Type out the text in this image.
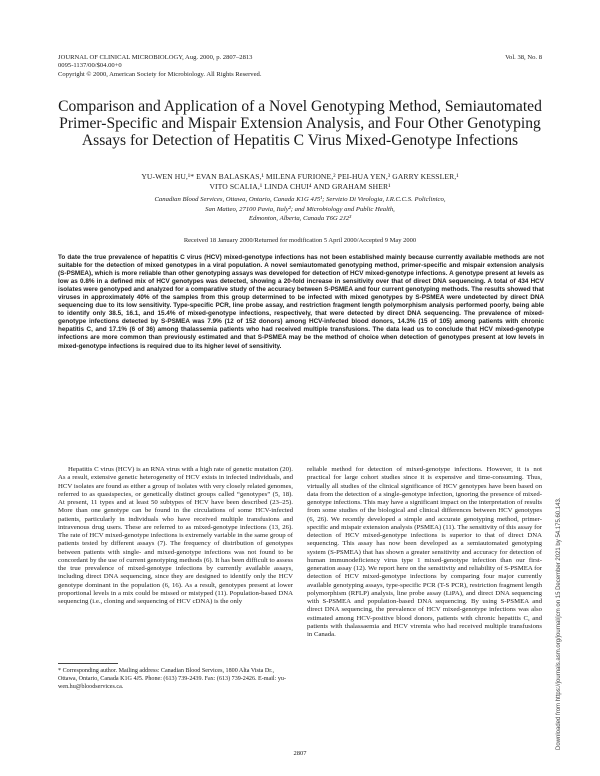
JOURNAL OF CLINICAL MICROBIOLOGY, Aug. 2000, p. 2807–2813
0095-1137/00/$04.00+0
Copyright © 2000, American Society for Microbiology. All Rights Reserved.
Vol. 38, No. 8
Comparison and Application of a Novel Genotyping Method, Semiautomated Primer-Specific and Mispair Extension Analysis, and Four Other Genotyping Assays for Detection of Hepatitis C Virus Mixed-Genotype Infections
YU-WEN HU,¹* EVAN BALASKAS,¹ MILENA FURIONE,² PEI-HUA YEN,³ GARRY KESSLER,¹
VITO SCALIA,¹ LINDA CHUI⁴ AND GRAHAM SHER¹
Canadian Blood Services, Ottawa, Ontario, Canada K1G 4J5¹; Servizio Di Virologia, I.R.C.C.S. Policlinico,
San Matteo, 27100 Pavia, Italy²; and Microbiology and Public Health,
Edmonton, Alberta, Canada T6G 2J2³
Received 18 January 2000/Returned for modification 5 April 2000/Accepted 9 May 2000
To date the true prevalence of hepatitis C virus (HCV) mixed-genotype infections has not been established mainly because currently available methods are not suitable for the detection of mixed genotypes in a viral population. A novel semiautomated genotyping method, primer-specific and mispair extension analysis (S-PSMEA), which is more reliable than other genotyping assays was developed for detection of HCV mixed-genotype infections. A genotype present at levels as low as 0.8% in a defined mix of HCV genotypes was detected, showing a 20-fold increase in sensitivity over that of direct DNA sequencing. A total of 434 HCV isolates were genotyped and analyzed for a comparative study of the accuracy between S-PSMEA and four current genotyping methods. The results showed that viruses in approximately 40% of the samples from this group determined to be infected with mixed genotypes by S-PSMEA were undetected by direct DNA sequencing due to its low sensitivity. Type-specific PCR, line probe assay, and restriction fragment length polymorphism analysis performed poorly, being able to identify only 38.5, 16.1, and 15.4% of mixed-genotype infections, respectively, that were detected by direct DNA sequencing. The prevalence of mixed-genotype infections detected by S-PSMEA was 7.9% (12 of 152 donors) among HCV-infected blood donors, 14.3% (15 of 105) among patients with chronic hepatitis C, and 17.1% (6 of 36) among thalassemia patients who had received multiple transfusions. The data lead us to conclude that HCV mixed-genotype infections are more common than previously estimated and that S-PSMEA may be the method of choice when detection of genotypes present at low levels in mixed-genotype infections is required due to its higher level of sensitivity.

Hepatitis C virus (HCV) is an RNA virus with a high rate of genetic mutation (20). As a result, extensive genetic heterogeneity of HCV exists in infected individuals, and HCV isolates are found as either a group of isolates with very closely related genomes, referred to as quasispecies, or genetically distinct groups called “genotypes” (5, 18). At present, 11 types and at least 50 subtypes of HCV have been described (23–25). More than one genotype can be found in the circulations of some HCV-infected patients, particularly in individuals who have received multiple transfusions and intravenous drug users. These are referred to as mixed-genotype infections (13, 26). The rate of HCV mixed-genotype infections is extremely variable in the same group of patients tested by different assays (7). The frequency of distribution of genotypes between patients with single- and mixed-genotype infections was not found to be concordant by the use of current genotyping methods (6). It has been difficult to assess the true prevalence of mixed-genotype infections by currently available assays, including direct DNA sequencing, since they are designed to identify only the HCV genotype dominant in the population (6, 16). As a result, genotypes present at lower proportional levels in a mix could be missed or mistyped (11). Population-based DNA sequencing (i.e., cloning and sequencing of HCV cDNA) is the only

reliable method for detection of mixed-genotype infections. However, it is not practical for large cohort studies since it is expensive and time-consuming. Thus, virtually all studies of the clinical significance of HCV genotypes have been based on data from the detection of a single-genotype infection, ignoring the presence of mixed-genotype infections. This may have a significant impact on the interpretation of results from some studies of the biological and clinical differences between HCV genotypes (6, 26). We recently developed a simple and accurate genotyping method, primer-specific and mispair extension analysis (PSMEA) (11). The sensitivity of this assay for detection of HCV mixed-genotype infections is superior to that of direct DNA sequencing. This assay has now been developed as a semiautomated genotyping system (S-PSMEA) that has shown a greater sensitivity and accuracy for detection of human immunodeficiency virus type 1 mixed-genotype infection than our first-generation assay (12). We report here on the sensitivity and reliability of S-PSMEA for detection of HCV mixed-genotype infections by comparing four major currently available genotyping assays, type-specific PCR (T-S PCR), restriction fragment length polymorphism (RFLP) analysis, line probe assay (LiPA), and direct DNA sequencing with S-PSMEA and population-based DNA sequencing. By using S-PSMEA and direct DNA sequencing, the prevalence of HCV mixed-genotype infections was also estimated among HCV-positive blood donors, patients with chronic hepatitis C, and patients with thalassaemia and HCV viremia who had received multiple transfusions in Canada.

* Corresponding author. Mailing address: Canadian Blood Services, 1800 Alta Vista Dr., Ottawa, Ontario, Canada K1G 4J5. Phone: (613) 739-2439. Fax: (613) 739-2426. E-mail: yu-wen.hu@bloodservices.ca.
2807
Downloaded from https://journals.asm.org/journal/jcm on 15 December 2021 by 54.175.60.143.
